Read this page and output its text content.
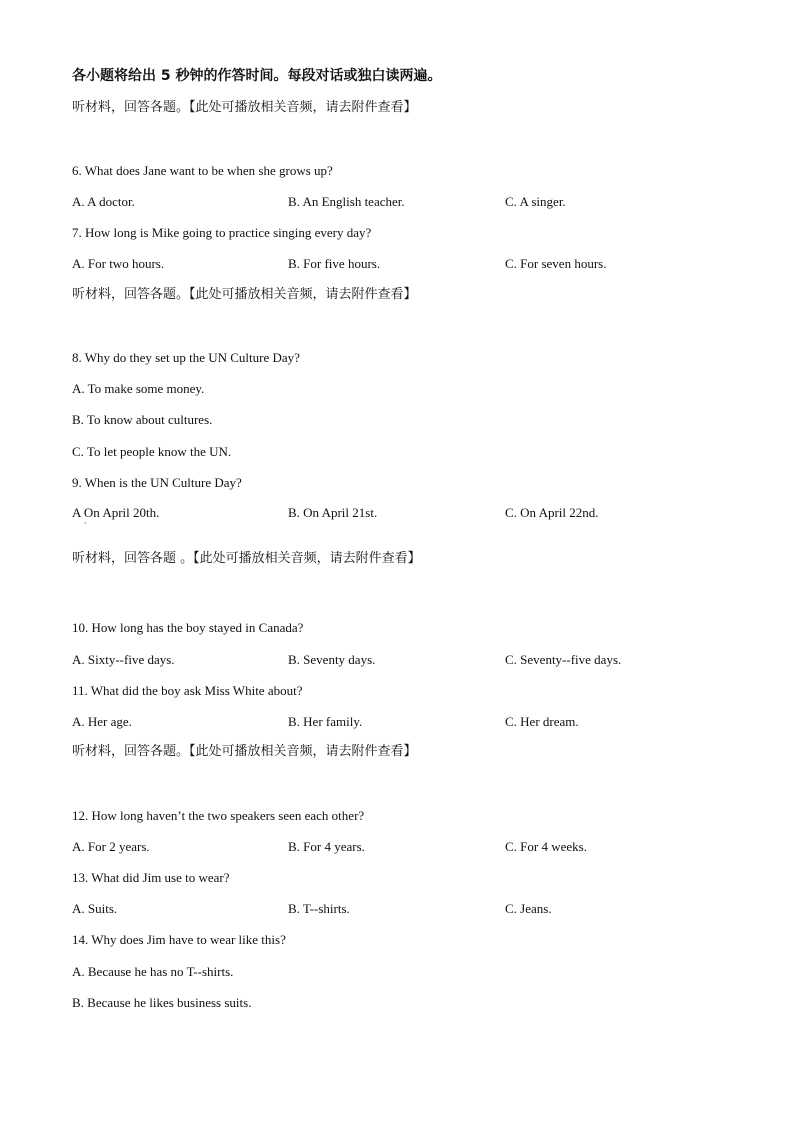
各小题将给出 5 秒钟的作答时间。每段对话或独白读两遍。
听材料，回答各题。【此处可播放相关音频，请去附件查看】
6. What does Jane want to be when she grows up?
A. A doctor.	B. An English teacher.	C. A singer.
7. How long is Mike going to practice singing every day?
A. For two hours.	B. For five hours.	C. For seven hours.
听材料，回答各题。【此处可播放相关音频，请去附件查看】
8. Why do they set up the UN Culture Day?
A. To make some money.
B. To know about cultures.
C. To let people know the UN.
9. When is the UN Culture Day?
A On April 20th.	B. On April 21st.	C. On April 22nd.
·
听材料，回答各题 。【此处可播放相关音频，请去附件查看】
10. How long has the boy stayed in Canada?
A. Sixty--five days.	B. Seventy days.	C. Seventy--five days.
11. What did the boy ask Miss White about?
A. Her age.	B. Her family.	C. Her dream.
听材料，回答各题。【此处可播放相关音频，请去附件查看】
12. How long haven’t the two speakers seen each other?
A. For 2 years.	B. For 4 years.	C. For 4 weeks.
13. What did Jim use to wear?
A. Suits.	B. T--shirts.	C. Jeans.
14. Why does Jim have to wear like this?
A. Because he has no T--shirts.
B. Because he likes business suits.
